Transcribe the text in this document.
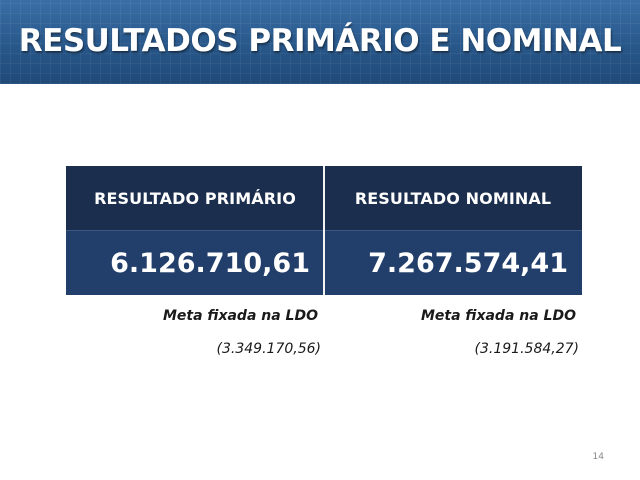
RESULTADOS PRIMÁRIO E NOMINAL
RESULTADO PRIMÁRIO	RESULTADO NOMINAL
6.126.710,61	7.267.574,41
Meta fixada na LDO
(3.349.170,56)
Meta fixada na LDO
(3.191.584,27)
14
